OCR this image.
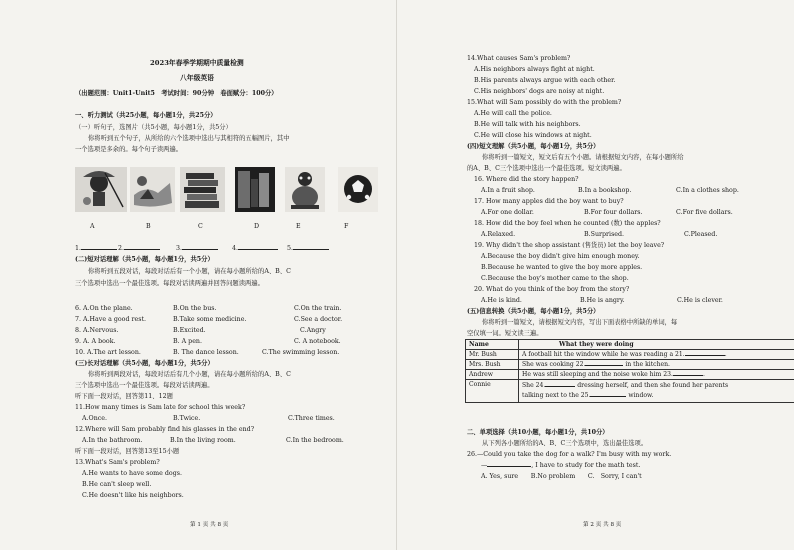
2023年春季学期期中质量检测
八年级英语
（出题范围：Unit1-Unit5　考试时间：90分钟　卷面赋分：100分）
一、听力测试（共25小题，每小题1分，共25分）
（一）听句子，选图片（共5小题，每小题1分，共5分）
你将听到五个句子，从所给的六个选项中选出与其相符的五幅图片，其中
一个选项是多余的。每个句子读两遍。
A	B	C	D	E	F
1.	2.	3.	4.	5.
(二)短对话理解（共5小题，每小题1分，共5分）
你将听到五段对话，每段对话后有一个小题，请在每小题所给的A、B、C
三个选项中选出一个最佳选项。每段对话读两遍并回答问题读两遍。
6. A.On the plane.	B.On the bus.	C.On the train.
7. A.Have a good rest.	B.Take some medicine.	C.See a doctor.
8. A.Nervous.	B.Excited.	C.Angry
9. A. A book.	B. A pen.	C. A notebook.
10. A.The art lesson.	B. The dance lesson.	C.The swimming lesson.
(三)长对话理解（共5小题，每小题1分，共5分）
你将听到两段对话，每段对话后有几个小题，请在每小题所给的A、B、C
三个选项中选出一个最佳选项。每段对话读两遍。
听下面一段对话，回答第11、12题
11.How many times is Sam late for school this week?
A.Once.	B.Twice.	C.Three times.
12.Where will Sam probably find his glasses in the end?
A.In the bathroom.	B.In the living room.	C.In the bedroom.
听下面一段对话，回答第13至15小题
13.What's Sam's problem?
A.He wants to have some dogs.
B.He can't sleep well.
C.He doesn't like his neighbors.
第 1 页 共 8 页
14.What causes Sam's problem?
A.His neighbors always fight at night.
B.His parents always argue with each other.
C.His neighbors' dogs are noisy at night.
15.What will Sam possibly do with the problem?
A.He will call the police.
B.He will talk with his neighbors.
C.He will close his windows at night.
(四)短文理解（共5小题，每小题1分，共5分）
你将听到一篇短文，短文后有五个小题。请根据短文内容，在每小题所给
的A、B、C三个选项中选出一个最佳选项。短文读两遍。
16. Where did the story happen?
A.In a fruit shop.	B.In a bookshop.	C.In a clothes shop.
17. How many apples did the boy want to buy?
A.For one dollar.	B.For four dollars.	C.For five dollars.
18. How did the boy feel when he counted (数) the apples?
A.Relaxed.	B.Surprised.	C.Pleased.
19. Why didn't the shop assistant (售货员) let the boy leave?
A.Because the boy didn't give him enough money.
B.Because he wanted to give the boy more apples.
C.Because the boy's mother came to the shop.
20. What do you think of the boy from the story?
A.He is kind.	B.He is angry.	C.He is clever.
(五)信息转换（共5小题，每小题1分，共5分）
你将听到一篇短文，请根据短文内容，写出下面表格中所缺的单词，每
空仅填一词。短文读三遍。
Name	What they were doing
Mr. Bush	A football hit the window while he was reading a 21. .
Mrs. Bush	She was cooking 22. in the kitchen.
Andrew	He was still sleeping and the noise woke him 23. .
Connie	She 24. dressing herself, and then she found her parents
talking next to the 25. window.
二、单项选择（共10小题，每小题1分，共10分）
从下列各小题所给的A、B、C三个选项中，选出最佳选项。
26.—Could you take the dog for a walk? I'm busy with my work.
—	, I have to study for the math test.
A. Yes, sure　　B.No problem　　C.　Sorry, I can't
第 2 页 共 8 页
